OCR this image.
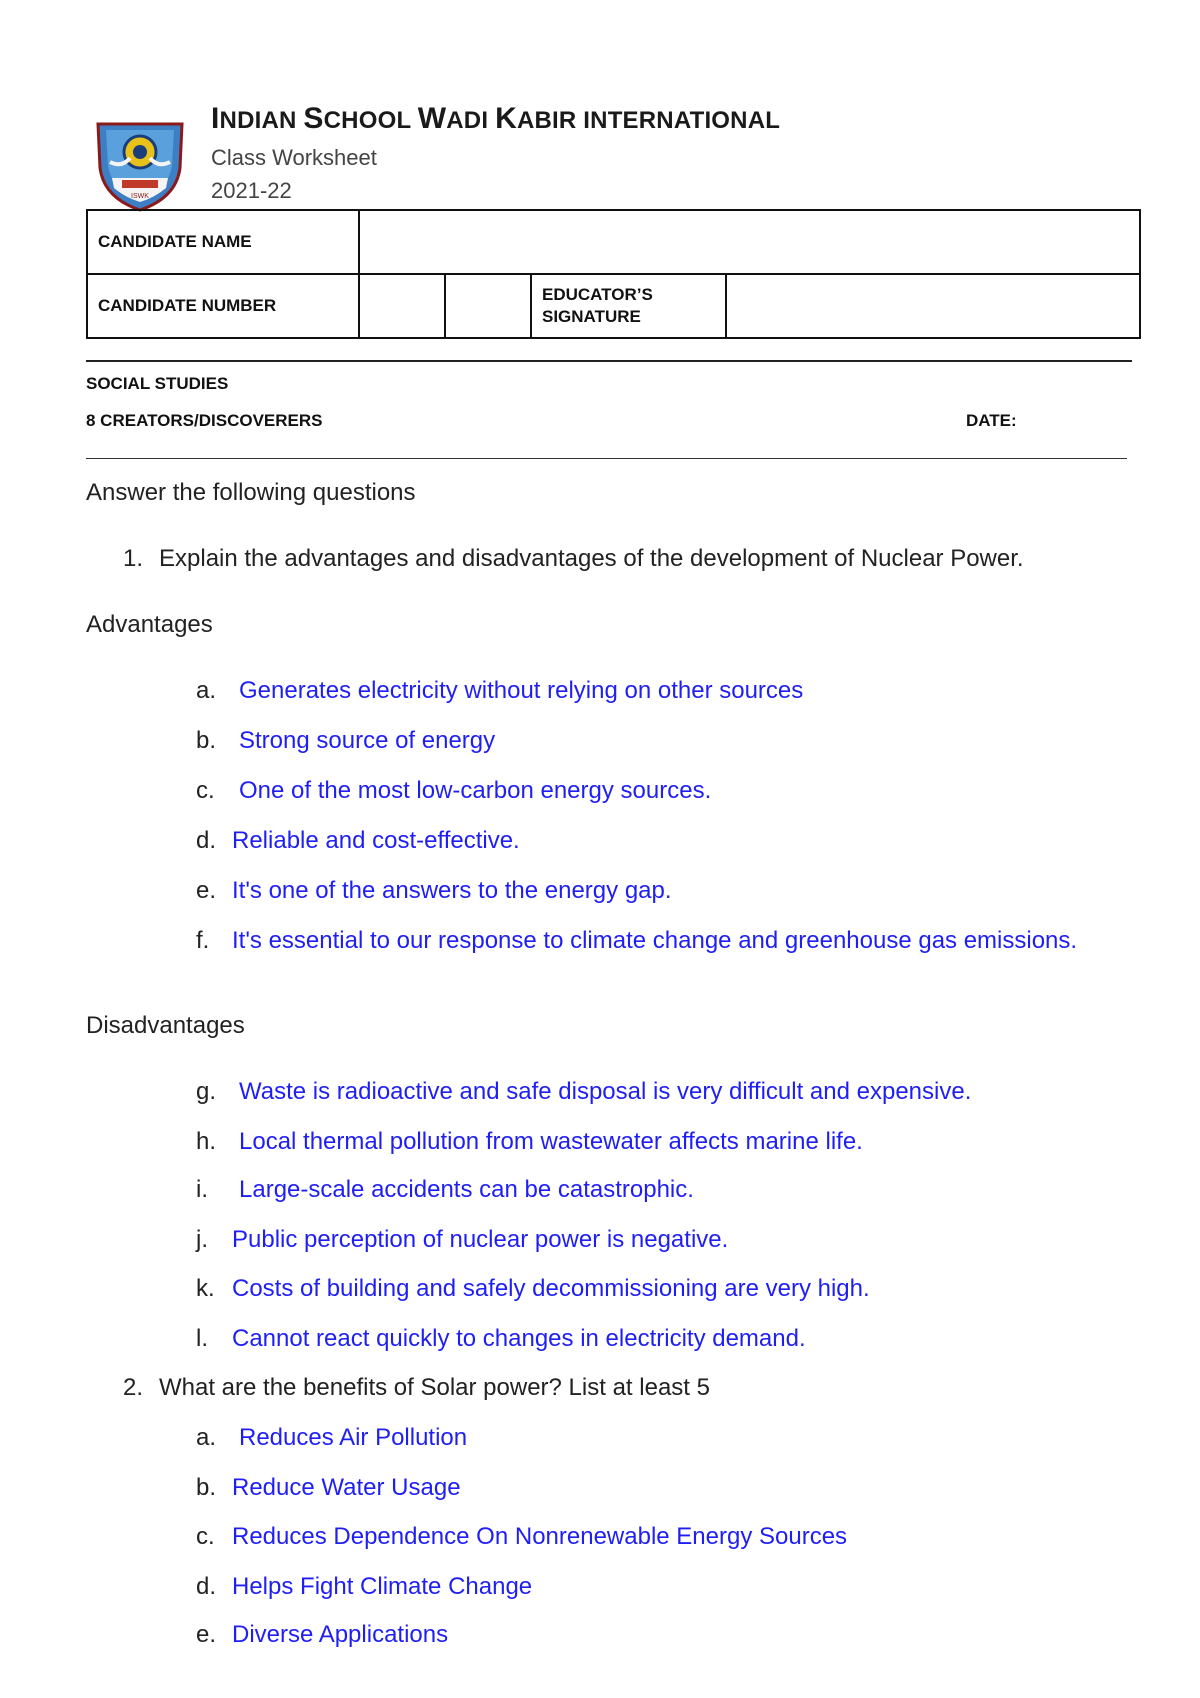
ISWK
INDIAN SCHOOL WADI KABIR INTERNATIONAL
Class Worksheet
2021-22
CANDIDATE NAME				
CANDIDATE NUMBER			EDUCATOR’S SIGNATURE	
SOCIAL STUDIES
8 CREATORS/DISCOVERERS	DATE:
Answer the following questions
1. Explain the advantages and disadvantages of the development of Nuclear Power.
Advantages
a. Generates electricity without relying on other sources
b. Strong source of energy
c. One of the most low-carbon energy sources.
d. Reliable and cost-effective.
e. It's one of the answers to the energy gap.
f. It's essential to our response to climate change and greenhouse gas emissions.
Disadvantages
g. Waste is radioactive and safe disposal is very difficult and expensive.
h. Local thermal pollution from wastewater affects marine life.
i. Large-scale accidents can be catastrophic.
j. Public perception of nuclear power is negative.
k. Costs of building and safely decommissioning are very high.
l. Cannot react quickly to changes in electricity demand.
2. What are the benefits of Solar power? List at least 5
a. Reduces Air Pollution
b. Reduce Water Usage
c. Reduces Dependence On Nonrenewable Energy Sources
d. Helps Fight Climate Change
e. Diverse Applications
